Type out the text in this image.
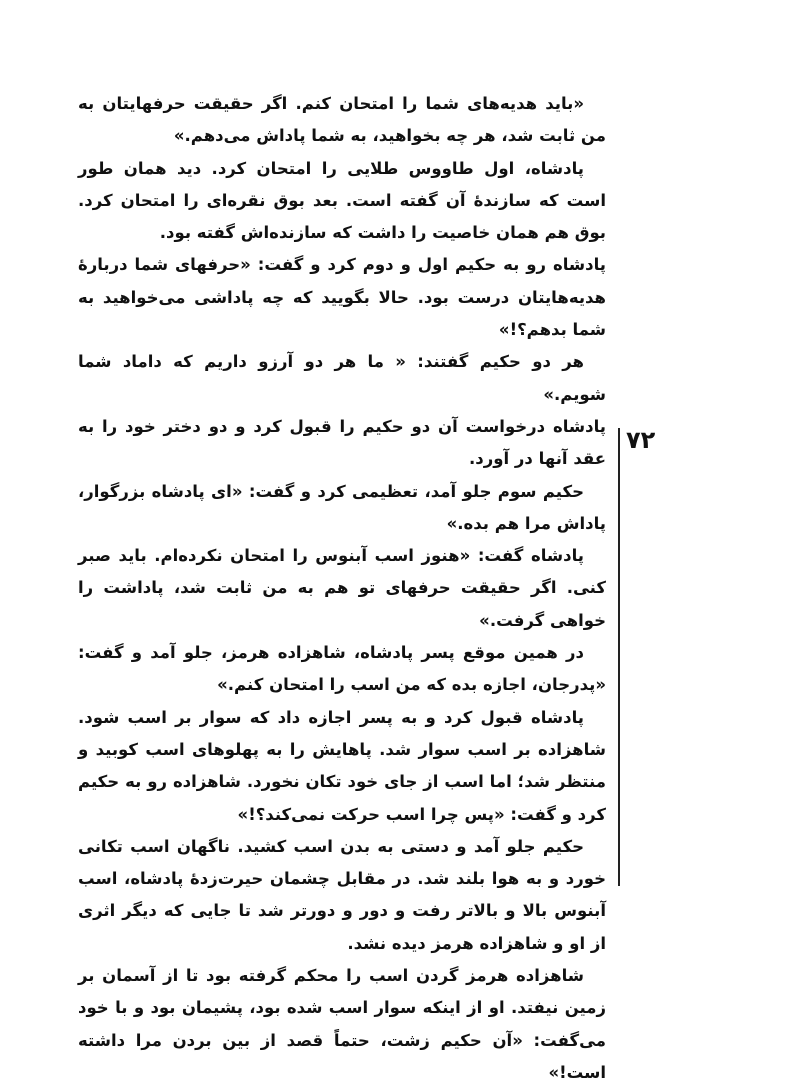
«باید هدیه‌های شما را امتحان کنم. اگر حقیقت حرفهایتان به من ثابت شد، هر چه بخواهید، به شما پاداش می‌دهم.»

پادشاه، اول طاووس طلایی را امتحان کرد. دید همان طور است که سازندهٔ آن گفته است. بعد بوق نقره‌ای را امتحان کرد. بوق هم همان خاصیت را داشت که سازنده‌اش گفته بود.

پادشاه رو به حکیم اول و دوم کرد و گفت: «حرفهای شما دربارهٔ هدیه‌هایتان درست بود. حالا بگویید که چه پاداشی می‌خواهید به شما بدهم؟!»

هر دو حکیم گفتند: « ما هر دو آرزو داریم که داماد شما شویم.»

پادشاه درخواست آن دو حکیم را قبول کرد و دو دختر خود را به عقد آنها در آورد.

حکیم سوم جلو آمد، تعظیمی کرد و گفت: «ای پادشاه بزرگوار، پاداش مرا هم بده.»

پادشاه گفت: «هنوز اسب آبنوس را امتحان نکرده‌ام. باید صبر کنی. اگر حقیقت حرفهای تو هم به من ثابت شد، پاداشت را خواهی گرفت.»

در همین موقع پسر پادشاه، شاهزاده هرمز، جلو آمد و گفت: «پدرجان، اجازه بده که من اسب را امتحان کنم.»

پادشاه قبول کرد و به پسر اجازه داد که سوار بر اسب شود. شاهزاده بر اسب سوار شد. پاهایش را به پهلوهای اسب کوبید و منتظر شد؛ اما اسب از جای خود تکان نخورد. شاهزاده رو به حکیم کرد و گفت: «پس چرا اسب حرکت نمی‌کند؟!»

حکیم جلو آمد و دستی به بدن اسب کشید. ناگهان اسب تکانی خورد و به هوا بلند شد. در مقابل چشمان حیرت‌زدهٔ پادشاه، اسب آبنوس بالا و بالاتر رفت و دور و دورتر شد تا جایی که دیگر اثری از او و شاهزاده هرمز دیده نشد.

شاهزاده هرمز گردن اسب را محکم گرفته بود تا از آسمان بر زمین نیفتد. او از اینکه سوار اسب شده بود، پشیمان بود و با خود می‌گفت: «آن حکیم زشت، حتماً قصد از بین بردن مرا داشته است!»

۷۲
